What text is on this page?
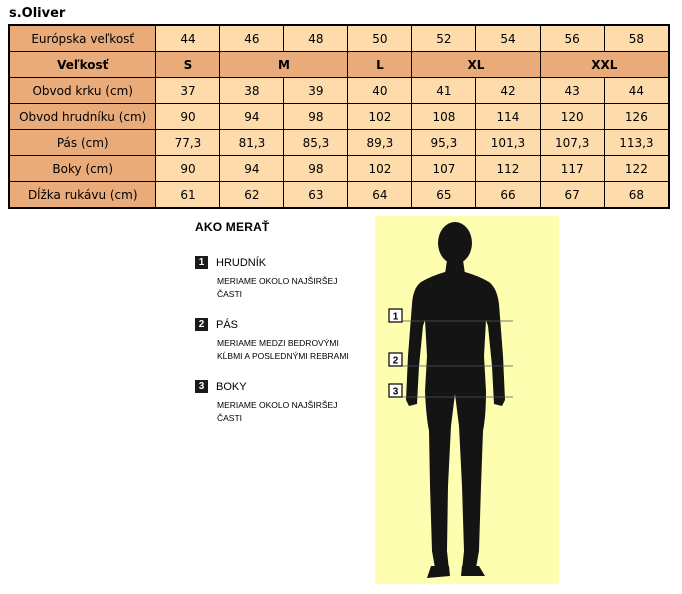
s.Oliver
Európska veľkosť	44	46	48	50	52	54	56	58
Veľkosť	S	M		L	XL		XXL	
Obvod krku (cm)	37	38	39	40	41	42	43	44
Obvod hrudníku (cm)	90	94	98	102	108	114	120	126
Pás (cm)	77,3	81,3	85,3	89,3	95,3	101,3	107,3	113,3
Boky (cm)	90	94	98	102	107	112	117	122
Dĺžka rukávu (cm)	61	62	63	64	65	66	67	68
AKO MERAŤ
1	HRUDNÍK
MERIAME OKOLO NAJŠIRŠEJ ČASTI
2	PÁS
MERIAME MEDZI BEDROVÝMI KĹBMI A POSLEDNÝMI REBRAMI
3	BOKY
MERIAME OKOLO NAJŠIRŠEJ ČASTI
1
2
3
